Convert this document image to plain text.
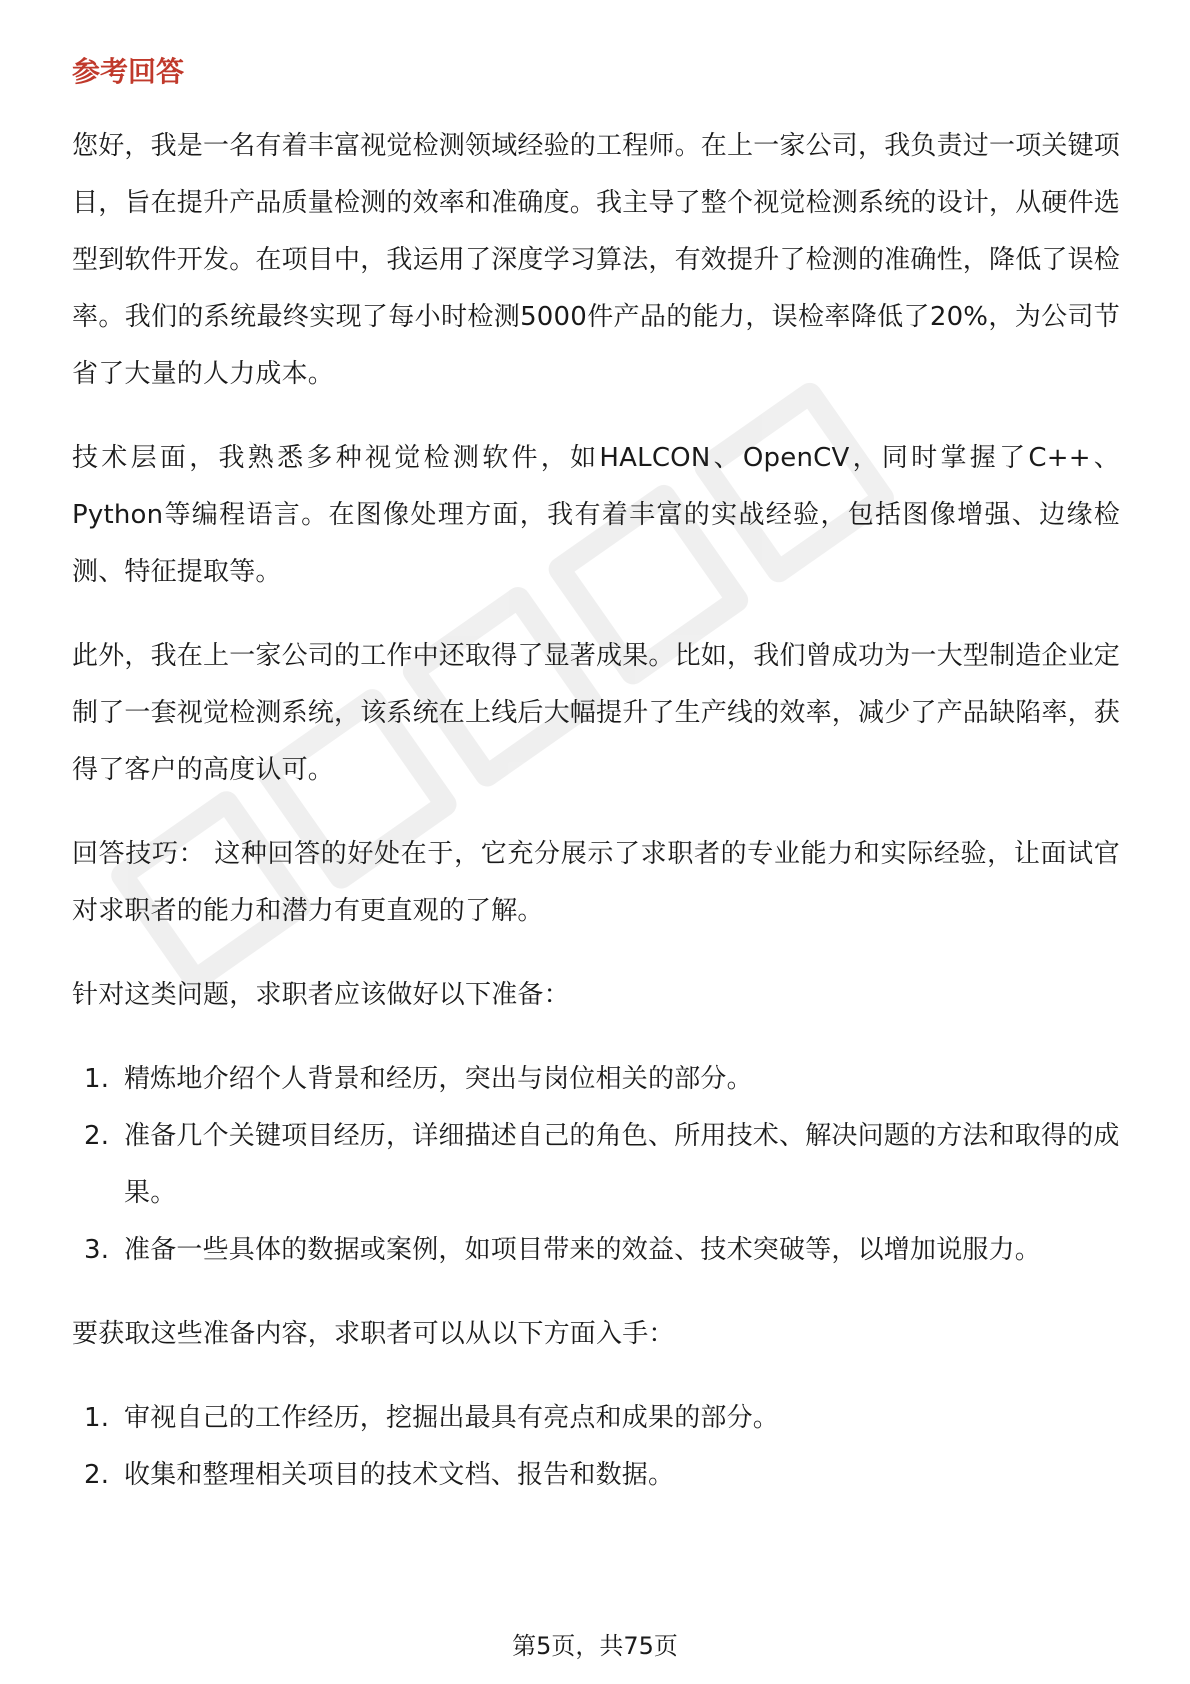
参考回答

您好，我是一名有着丰富视觉检测领域经验的工程师。在上一家公司，我负责过一项关键项目，旨在提升产品质量检测的效率和准确度。我主导了整个视觉检测系统的设计，从硬件选型到软件开发。在项目中，我运用了深度学习算法，有效提升了检测的准确性，降低了误检率。我们的系统最终实现了每小时检测5000件产品的能力，误检率降低了20%，为公司节省了大量的人力成本。

技术层面，我熟悉多种视觉检测软件，如HALCON、OpenCV，同时掌握了C++、Python等编程语言。在图像处理方面，我有着丰富的实战经验，包括图像增强、边缘检测、特征提取等。

此外，我在上一家公司的工作中还取得了显著成果。比如，我们曾成功为一大型制造企业定制了一套视觉检测系统，该系统在上线后大幅提升了生产线的效率，减少了产品缺陷率，获得了客户的高度认可。

回答技巧： 这种回答的好处在于，它充分展示了求职者的专业能力和实际经验，让面试官对求职者的能力和潜力有更直观的了解。

针对这类问题，求职者应该做好以下准备：

1. 精炼地介绍个人背景和经历，突出与岗位相关的部分。
2. 准备几个关键项目经历，详细描述自己的角色、所用技术、解决问题的方法和取得的成果。
3. 准备一些具体的数据或案例，如项目带来的效益、技术突破等，以增加说服力。

要获取这些准备内容，求职者可以从以下方面入手：

1. 审视自己的工作经历，挖掘出最具有亮点和成果的部分。
2. 收集和整理相关项目的技术文档、报告和数据。
第5页，共75页
